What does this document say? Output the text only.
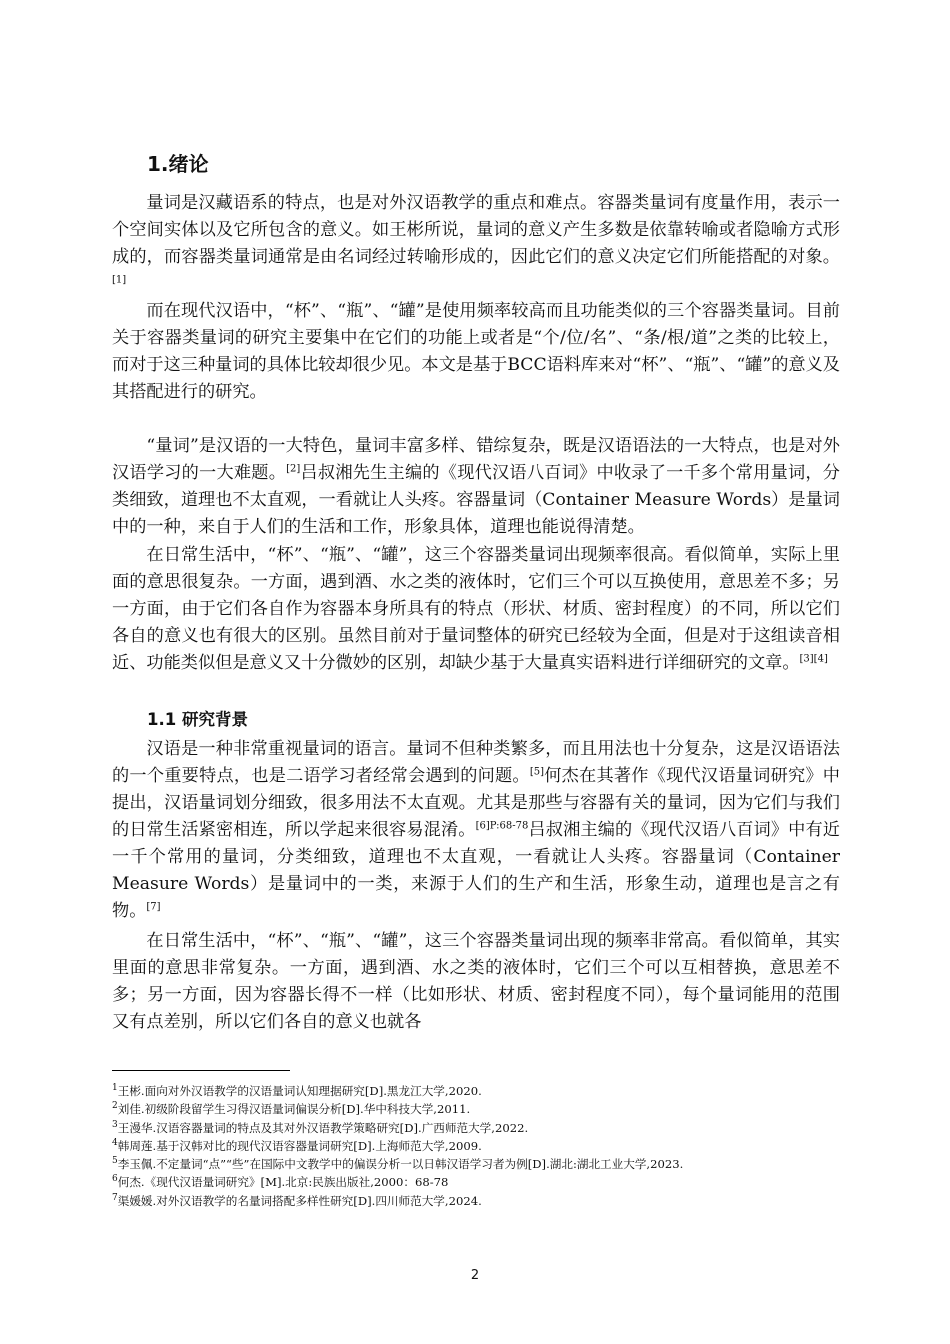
1.绪论

量词是汉藏语系的特点，也是对外汉语教学的重点和难点。容器类量词有度量作用，表示一个空间实体以及它所包含的意义。如王彬所说，量词的意义产生多数是依靠转喻或者隐喻方式形成的，而容器类量词通常是由名词经过转喻形成的，因此它们的意义决定它们所能搭配的对象。[1]

而在现代汉语中，“杯”、“瓶”、“罐”是使用频率较高而且功能类似的三个容器类量词。目前关于容器类量词的研究主要集中在它们的功能上或者是“个/位/名”、“条/根/道”之类的比较上，而对于这三种量词的具体比较却很少见。本文是基于BCC语料库来对“杯”、“瓶”、“罐”的意义及其搭配进行的研究。

“量词”是汉语的一大特色，量词丰富多样、错综复杂，既是汉语语法的一大特点，也是对外汉语学习的一大难题。[2]吕叔湘先生主编的《现代汉语八百词》中收录了一千多个常用量词，分类细致，道理也不太直观，一看就让人头疼。容器量词（Container Measure Words）是量词中的一种，来自于人们的生活和工作，形象具体，道理也能说得清楚。

在日常生活中，“杯”、“瓶”、“罐”，这三个容器类量词出现频率很高。看似简单，实际上里面的意思很复杂。一方面，遇到酒、水之类的液体时，它们三个可以互换使用，意思差不多；另一方面，由于它们各自作为容器本身所具有的特点（形状、材质、密封程度）的不同，所以它们各自的意义也有很大的区别。虽然目前对于量词整体的研究已经较为全面，但是对于这组读音相近、功能类似但是意义又十分微妙的区别，却缺少基于大量真实语料进行详细研究的文章。[3][4]

1.1 研究背景

汉语是一种非常重视量词的语言。量词不但种类繁多，而且用法也十分复杂，这是汉语语法的一个重要特点，也是二语学习者经常会遇到的问题。[5]何杰在其著作《现代汉语量词研究》中提出，汉语量词划分细致，很多用法不太直观。尤其是那些与容器有关的量词，因为它们与我们的日常生活紧密相连，所以学起来很容易混淆。$^{[6]P:68-78}$吕叔湘主编的《现代汉语八百词》中有近一千个常用的量词，分类细致，道理也不太直观，一看就让人头疼。容器量词（Container Measure Words）是量词中的一类，来源于人们的生产和生活，形象生动，道理也是言之有物。[7]

在日常生活中，“杯”、“瓶”、“罐”，这三个容器类量词出现的频率非常高。看似简单，其实里面的意思非常复杂。一方面，遇到酒、水之类的液体时，它们三个可以互相替换，意思差不多；另一方面，因为容器长得不一样（比如形状、材质、密封程度不同），每个量词能用的范围又有点差别，所以它们各自的意义也就各

$^1$王彬.面向对外汉语教学的汉语量词认知理据研究[D].黑龙江大学,2020.
$^2$刘佳.初级阶段留学生习得汉语量词偏误分析[D].华中科技大学,2011.
$^3$王漫华.汉语容器量词的特点及其对外汉语教学策略研究[D].广西师范大学,2022.
$^4$韩周莲.基于汉韩对比的现代汉语容器量词研究[D].上海师范大学,2009.
$^5$李玉佩.不定量词“点”“些”在国际中文教学中的偏误分析一以日韩汉语学习者为例[D].湖北:湖北工业大学,2023.
$^6$何杰.《现代汉语量词研究》[M].北京:民族出版社,2000：68-78
$^7$渠媛媛.对外汉语教学的名量词搭配多样性研究[D].四川师范大学,2024.
2
